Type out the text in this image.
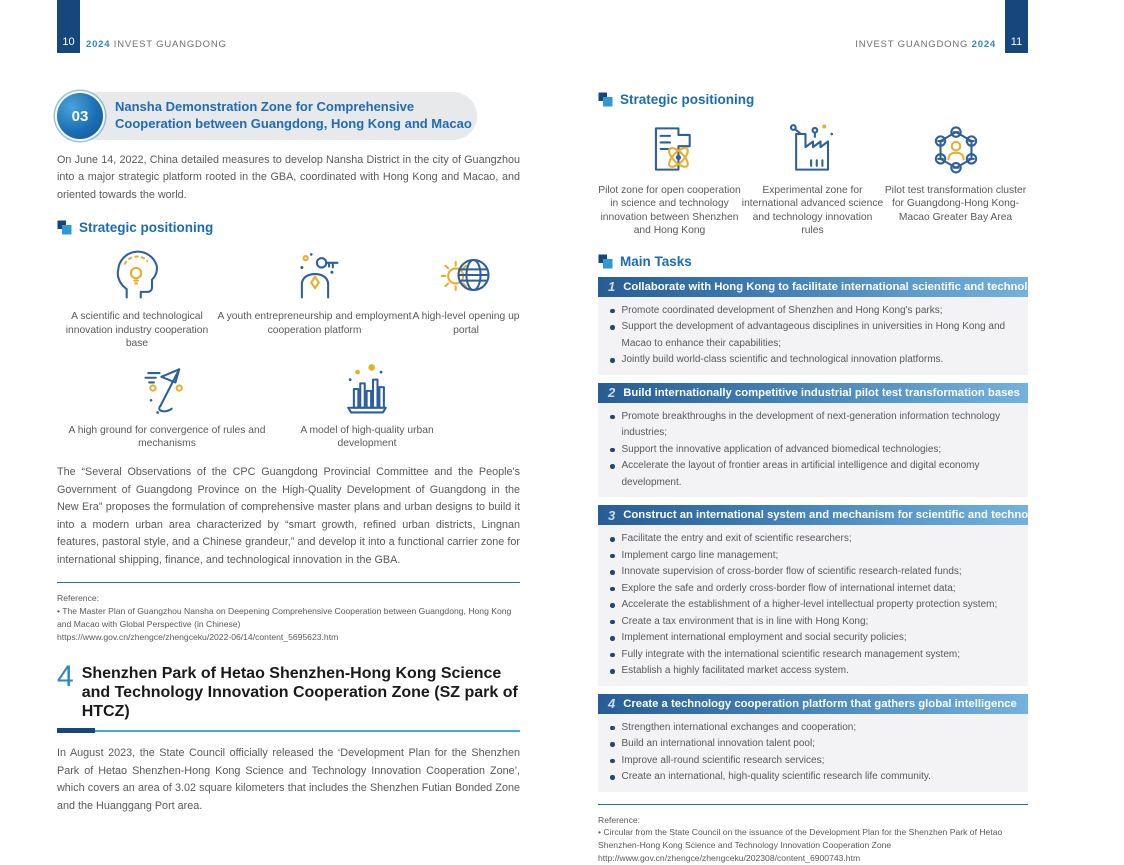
10 2024 INVEST GUANGDONG	INVEST GUANGDONG 2024 11
03
Nansha Demonstration Zone for Comprehensive Cooperation between Guangdong, Hong Kong and Macao

On June 14, 2022, China detailed measures to develop Nansha District in the city of Guangzhou into a major strategic platform rooted in the GBA, coordinated with Hong Kong and Macao, and oriented towards the world.

Strategic positioning
A scientific and technological innovation industry cooperation base
A youth entrepreneurship and employment cooperation platform
A high-level opening up portal
A high ground for convergence of rules and mechanisms
A model of high-quality urban development

The “Several Observations of the CPC Guangdong Provincial Committee and the People's Government of Guangdong Province on the High-Quality Development of Guangdong in the New Era” proposes the formulation of comprehensive master plans and urban designs to build it into a modern urban area characterized by “smart growth, refined urban districts, Lingnan features, pastoral style, and a Chinese grandeur,” and develop it into a functional carrier zone for international shipping, finance, and technological innovation in the GBA.

Reference:
• The Master Plan of Guangzhou Nansha on Deepening Comprehensive Cooperation between Guangdong, Hong Kong and Macao with Global Perspective (in Chinese)
https://www.gov.cn/zhengce/zhengceku/2022-06/14/content_5695623.htm
4 Shenzhen Park of Hetao Shenzhen-Hong Kong Science and Technology Innovation Cooperation Zone (SZ park of HTCZ)

In August 2023, the State Council officially released the ‘Development Plan for the Shenzhen Park of Hetao Shenzhen-Hong Kong Science and Technology Innovation Cooperation Zone’, which covers an area of 3.02 square kilometers that includes the Shenzhen Futian Bonded Zone and the Huanggang Port area.

Strategic positioning
Pilot zone for open cooperation in science and technology innovation between Shenzhen and Hong Kong
Experimental zone for international advanced science and technology innovation rules
Pilot test transformation cluster for Guangdong-Hong Kong-Macao Greater Bay Area
Main Tasks
1 Collaborate with Hong Kong to facilitate international scientific and technological innovation
Promote coordinated development of Shenzhen and Hong Kong's parks;
Support the development of advantageous disciplines in universities in Hong Kong and Macao to enhance their capabilities;
Jointly build world-class scientific and technological innovation platforms.
2 Build internationally competitive industrial pilot test transformation bases
Promote breakthroughs in the development of next-generation information technology industries;
Support the innovative application of advanced biomedical technologies;
Accelerate the layout of frontier areas in artificial intelligence and digital economy development.
3 Construct an international system and mechanism for scientific and technological innovation
Facilitate the entry and exit of scientific researchers;
Implement cargo line management;
Innovate supervision of cross-border flow of scientific research-related funds;
Explore the safe and orderly cross-border flow of international internet data;
Accelerate the establishment of a higher-level intellectual property protection system;
Create a tax environment that is in line with Hong Kong;
Implement international employment and social security policies;
Fully integrate with the international scientific research management system;
Establish a highly facilitated market access system.
4 Create a technology cooperation platform that gathers global intelligence
Strengthen international exchanges and cooperation;
Build an international innovation talent pool;
Improve all-round scientific research services;
Create an international, high-quality scientific research life community.
Reference:
• Circular from the State Council on the issuance of the Development Plan for the Shenzhen Park of Hetao Shenzhen-Hong Kong Science and Technology Innovation Cooperation Zone
http://www.gov.cn/zhengce/zhengceku/202308/content_6900743.htm
